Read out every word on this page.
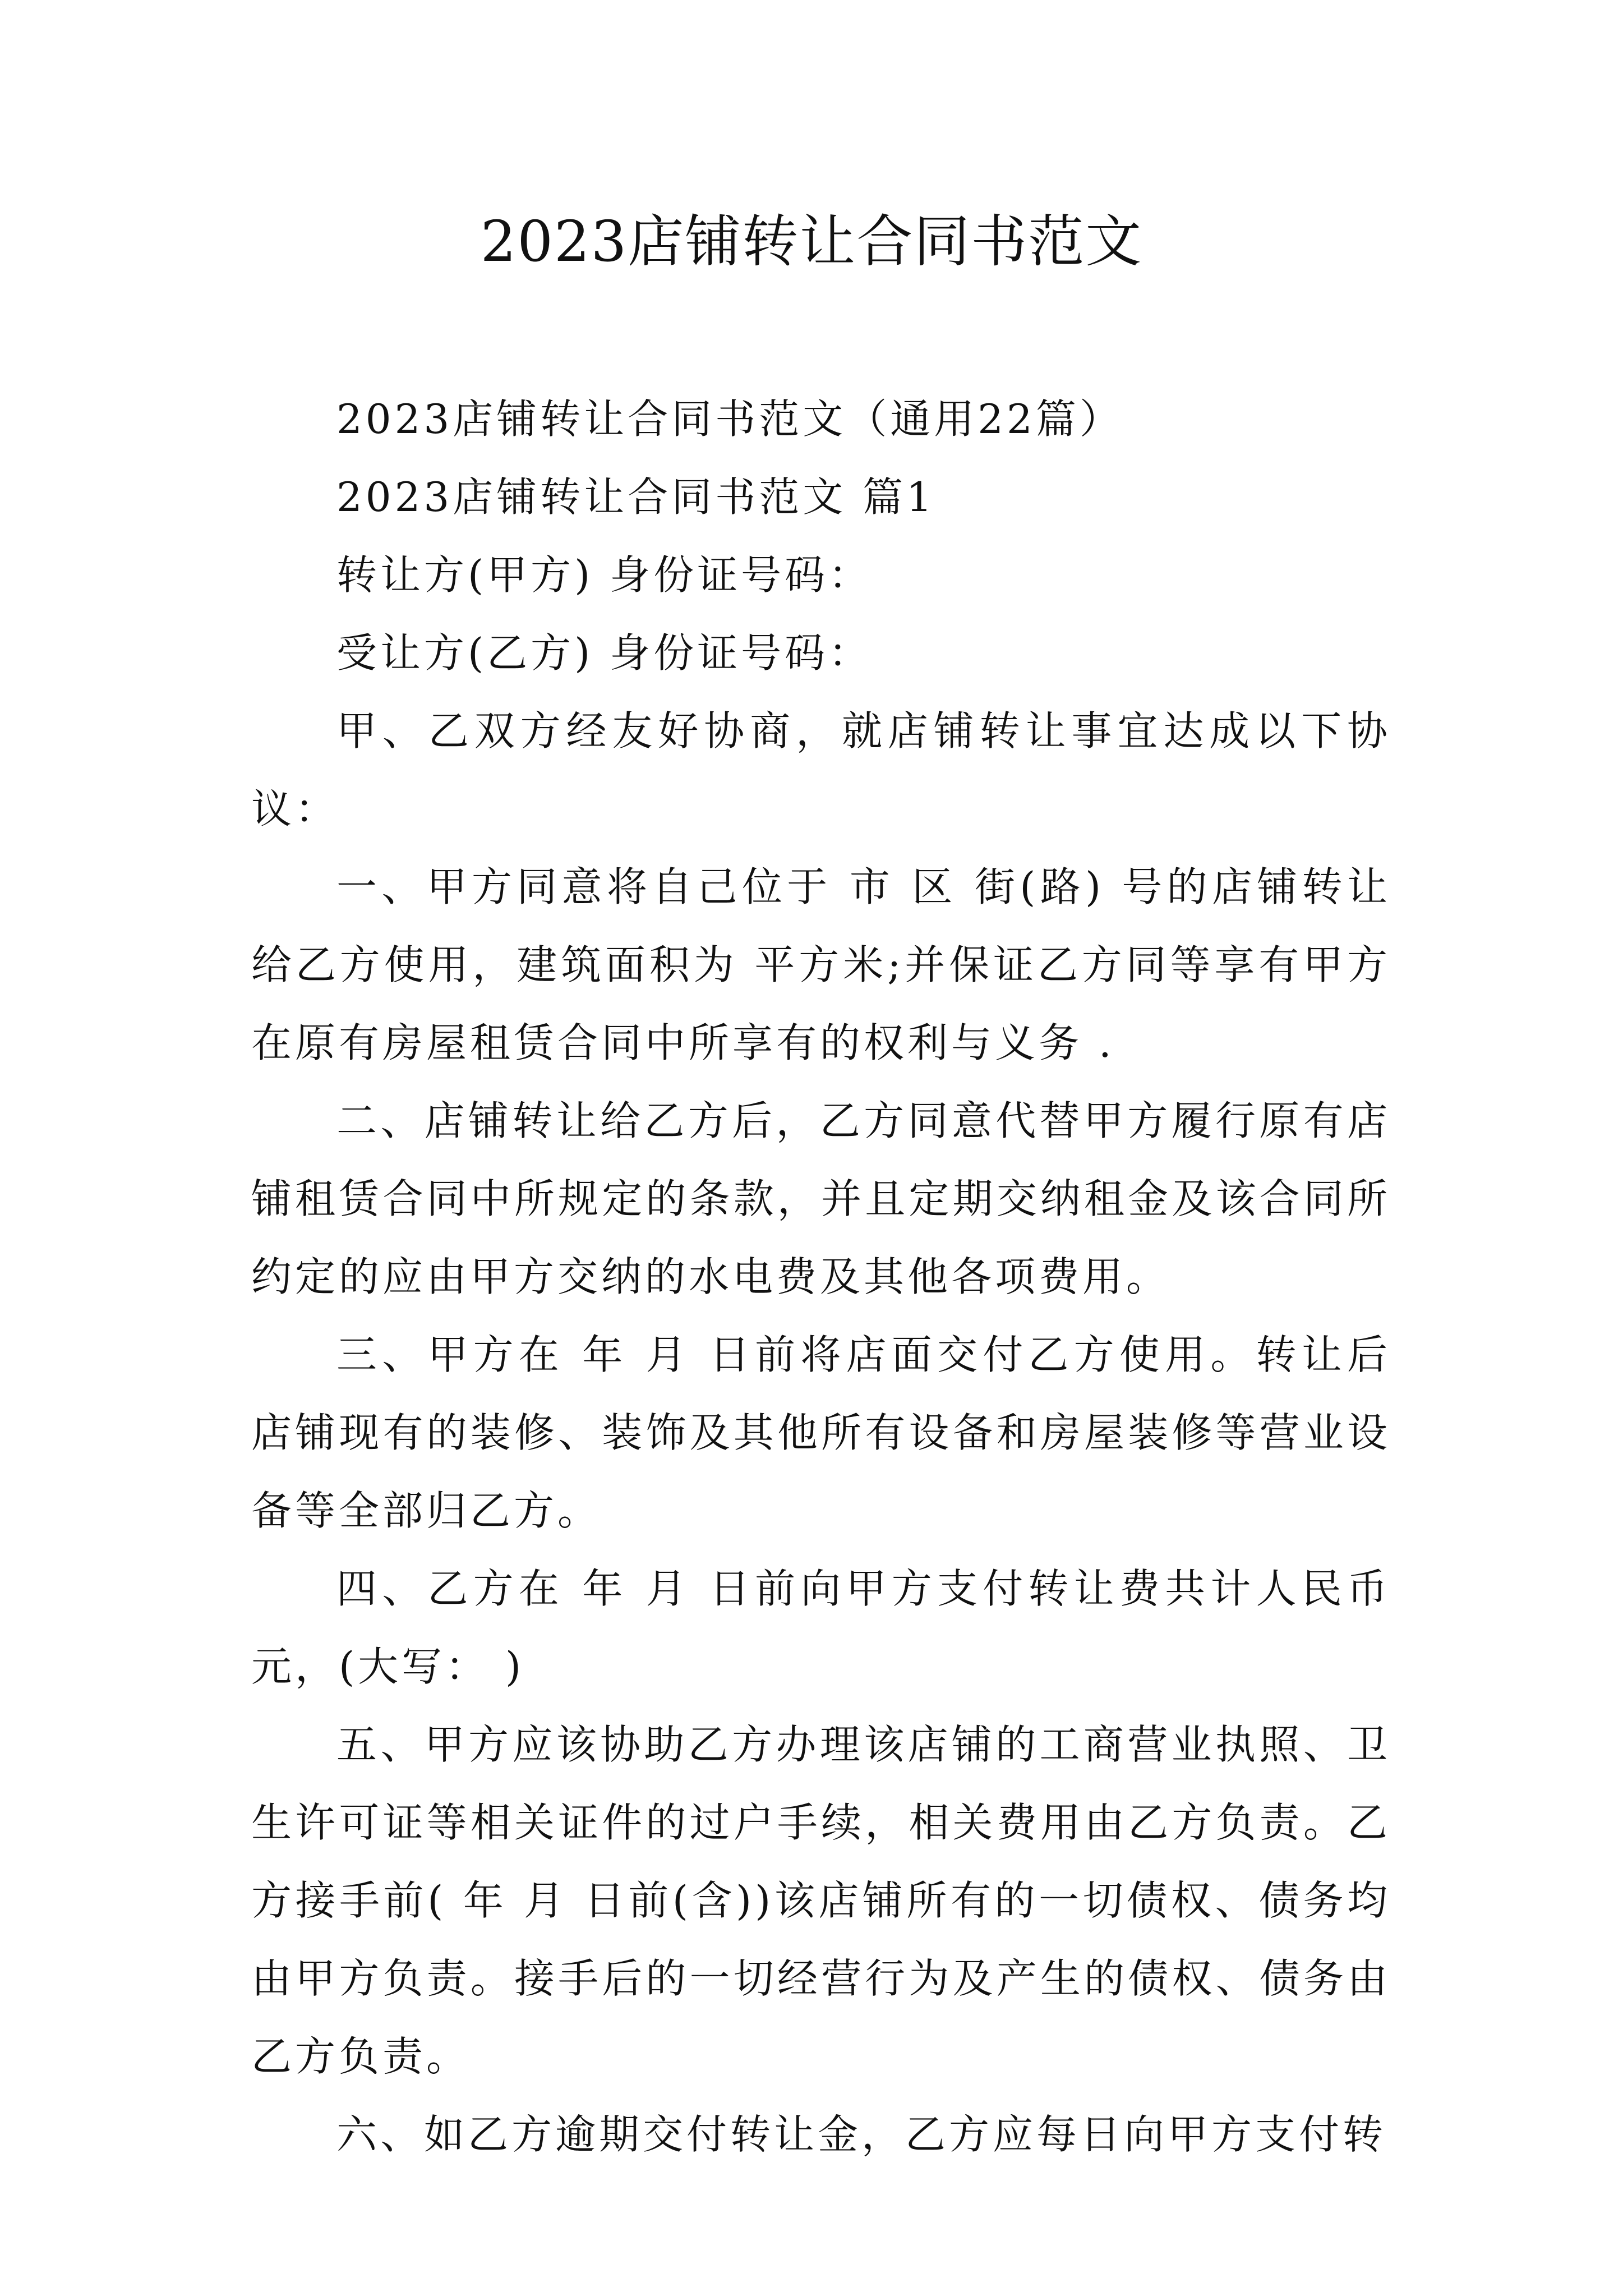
2023店铺转让合同书范文

2023店铺转让合同书范文（通用22篇）

2023店铺转让合同书范文 篇1

转让方(甲方) 身份证号码：

受让方(乙方) 身份证号码：

甲、乙双方经友好协商，就店铺转让事宜达成以下协议：

一、甲方同意将自己位于 市 区 街(路) 号的店铺转让给乙方使用，建筑面积为 平方米;并保证乙方同等享有甲方在原有房屋租赁合同中所享有的权利与义务 .

二、店铺转让给乙方后，乙方同意代替甲方履行原有店铺租赁合同中所规定的条款，并且定期交纳租金及该合同所约定的应由甲方交纳的水电费及其他各项费用。

三、甲方在 年 月 日前将店面交付乙方使用。转让后店铺现有的装修、装饰及其他所有设备和房屋装修等营业设备等全部归乙方。

四、乙方在 年 月 日前向甲方支付转让费共计人民币 元，(大写： )

五、甲方应该协助乙方办理该店铺的工商营业执照、卫生许可证等相关证件的过户手续，相关费用由乙方负责。乙方接手前( 年 月 日前(含))该店铺所有的一切债权、债务均由甲方负责。接手后的一切经营行为及产生的债权、债务由乙方负责。

六、如乙方逾期交付转让金，乙方应每日向甲方支付转
